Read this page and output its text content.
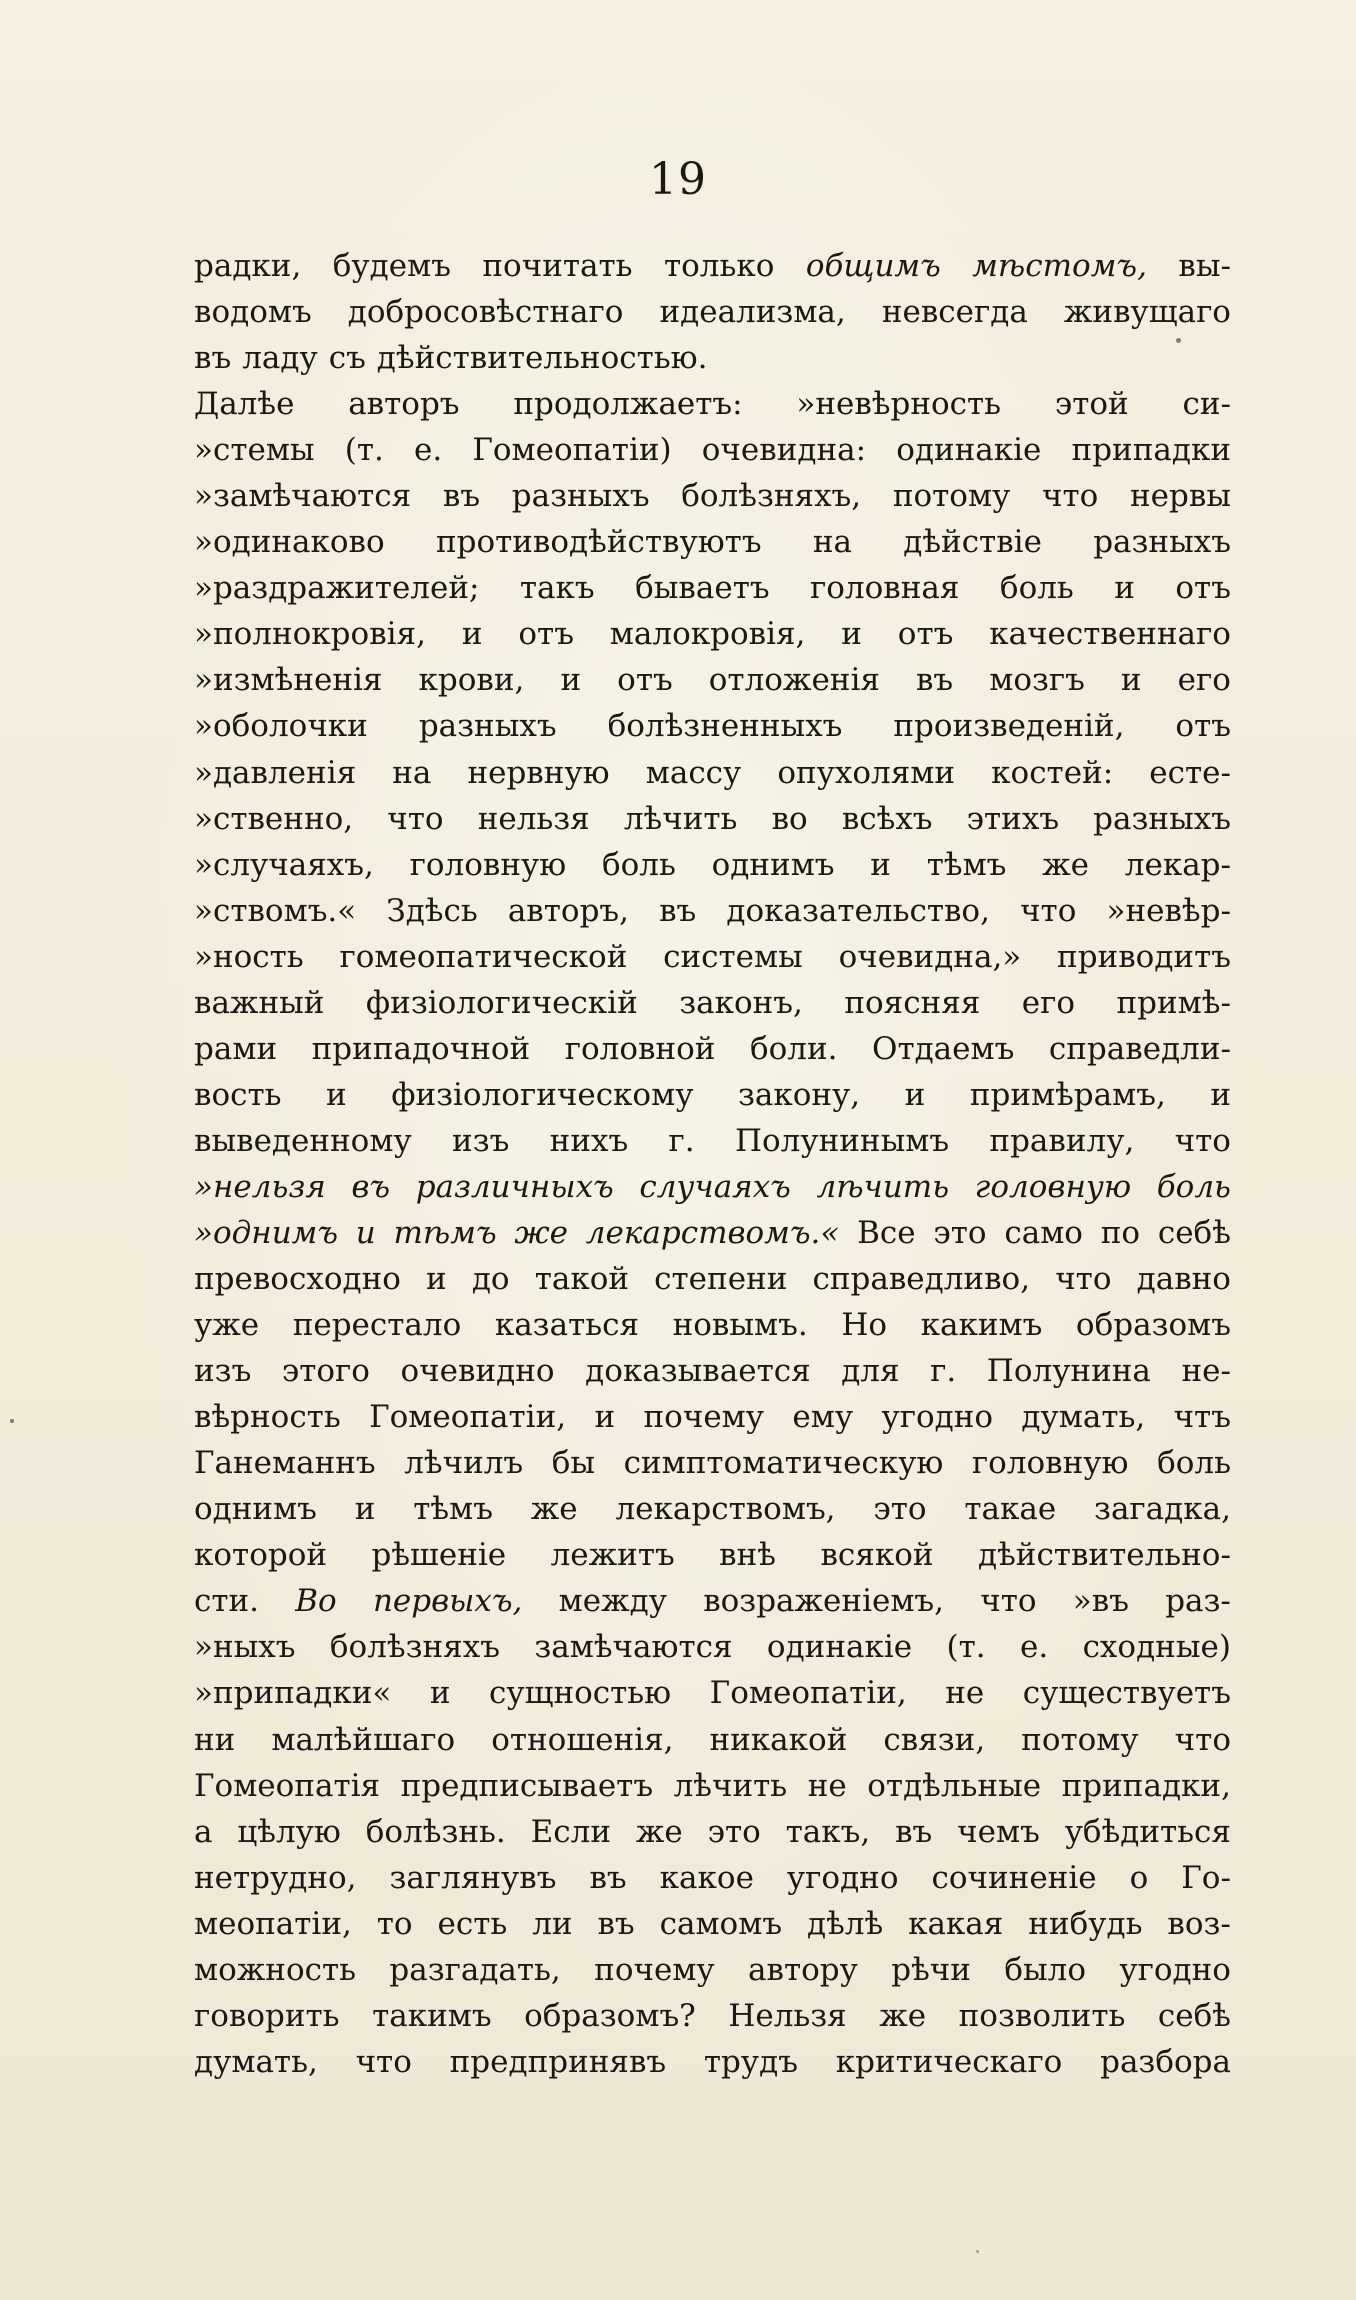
19
радки, будемъ почитать только общимъ мѣстомъ, вы-
водомъ добросовѣстнаго идеализма, невсегда живущаго
въ ладу съ дѣйствительностью.
Далѣе авторъ продолжаетъ: »невѣрность этой си-
»стемы (т. е. Гомеопатіи) очевидна: одинакіе припадки
»замѣчаются въ разныхъ болѣзняхъ, потому что нервы
»одинаково противодѣйствуютъ на дѣйствіе разныхъ
»раздражителей; такъ бываетъ головная боль и отъ
»полнокровія, и отъ малокровія, и отъ качественнаго
»измѣненія крови, и отъ отложенія въ мозгъ и его
»оболочки разныхъ болѣзненныхъ произведеній, отъ
»давленія на нервную массу опухолями костей: есте-
»ственно, что нельзя лѣчить во всѣхъ этихъ разныхъ
»случаяхъ, головную боль однимъ и тѣмъ же лекар-
»ствомъ.« Здѣсь авторъ, въ доказательство, что »невѣр-
»ность гомеопатической системы очевидна,» приводитъ
важный физіологическій законъ, поясняя его примѣ-
рами припадочной головной боли. Отдаемъ справедли-
вость и физіологическому закону, и примѣрамъ, и
выведенному изъ нихъ г. Полунинымъ правилу, что
»нельзя въ различныхъ случаяхъ лѣчить головную боль
»однимъ и тѣмъ же лекарствомъ.« Все это само по себѣ
превосходно и до такой степени справедливо, что давно
уже перестало казаться новымъ. Но какимъ образомъ
изъ этого очевидно доказывается для г. Полунина не-
вѣрность Гомеопатіи, и почему ему угодно думать, чтъ
Ганеманнъ лѣчилъ бы симптоматическую головную боль
однимъ и тѣмъ же лекарствомъ, это такае загадка,
которой рѣшеніе лежитъ внѣ всякой дѣйствительно-
сти. Во первыхъ, между возраженіемъ, что »въ раз-
»ныхъ болѣзняхъ замѣчаются одинакіе (т. е. сходные)
»припадки« и сущностью Гомеопатіи, не существуетъ
ни малѣйшаго отношенія, никакой связи, потому что
Гомеопатія предписываетъ лѣчить не отдѣльные припадки,
а цѣлую болѣзнь. Если же это такъ, въ чемъ убѣдиться
нетрудно, заглянувъ въ какое угодно сочиненіе о Го-
меопатіи, то есть ли въ самомъ дѣлѣ какая нибудь воз-
можность разгадать, почему автору рѣчи было угодно
говорить такимъ образомъ? Нельзя же позволить себѣ
думать, что предпринявъ трудъ критическаго разбора
